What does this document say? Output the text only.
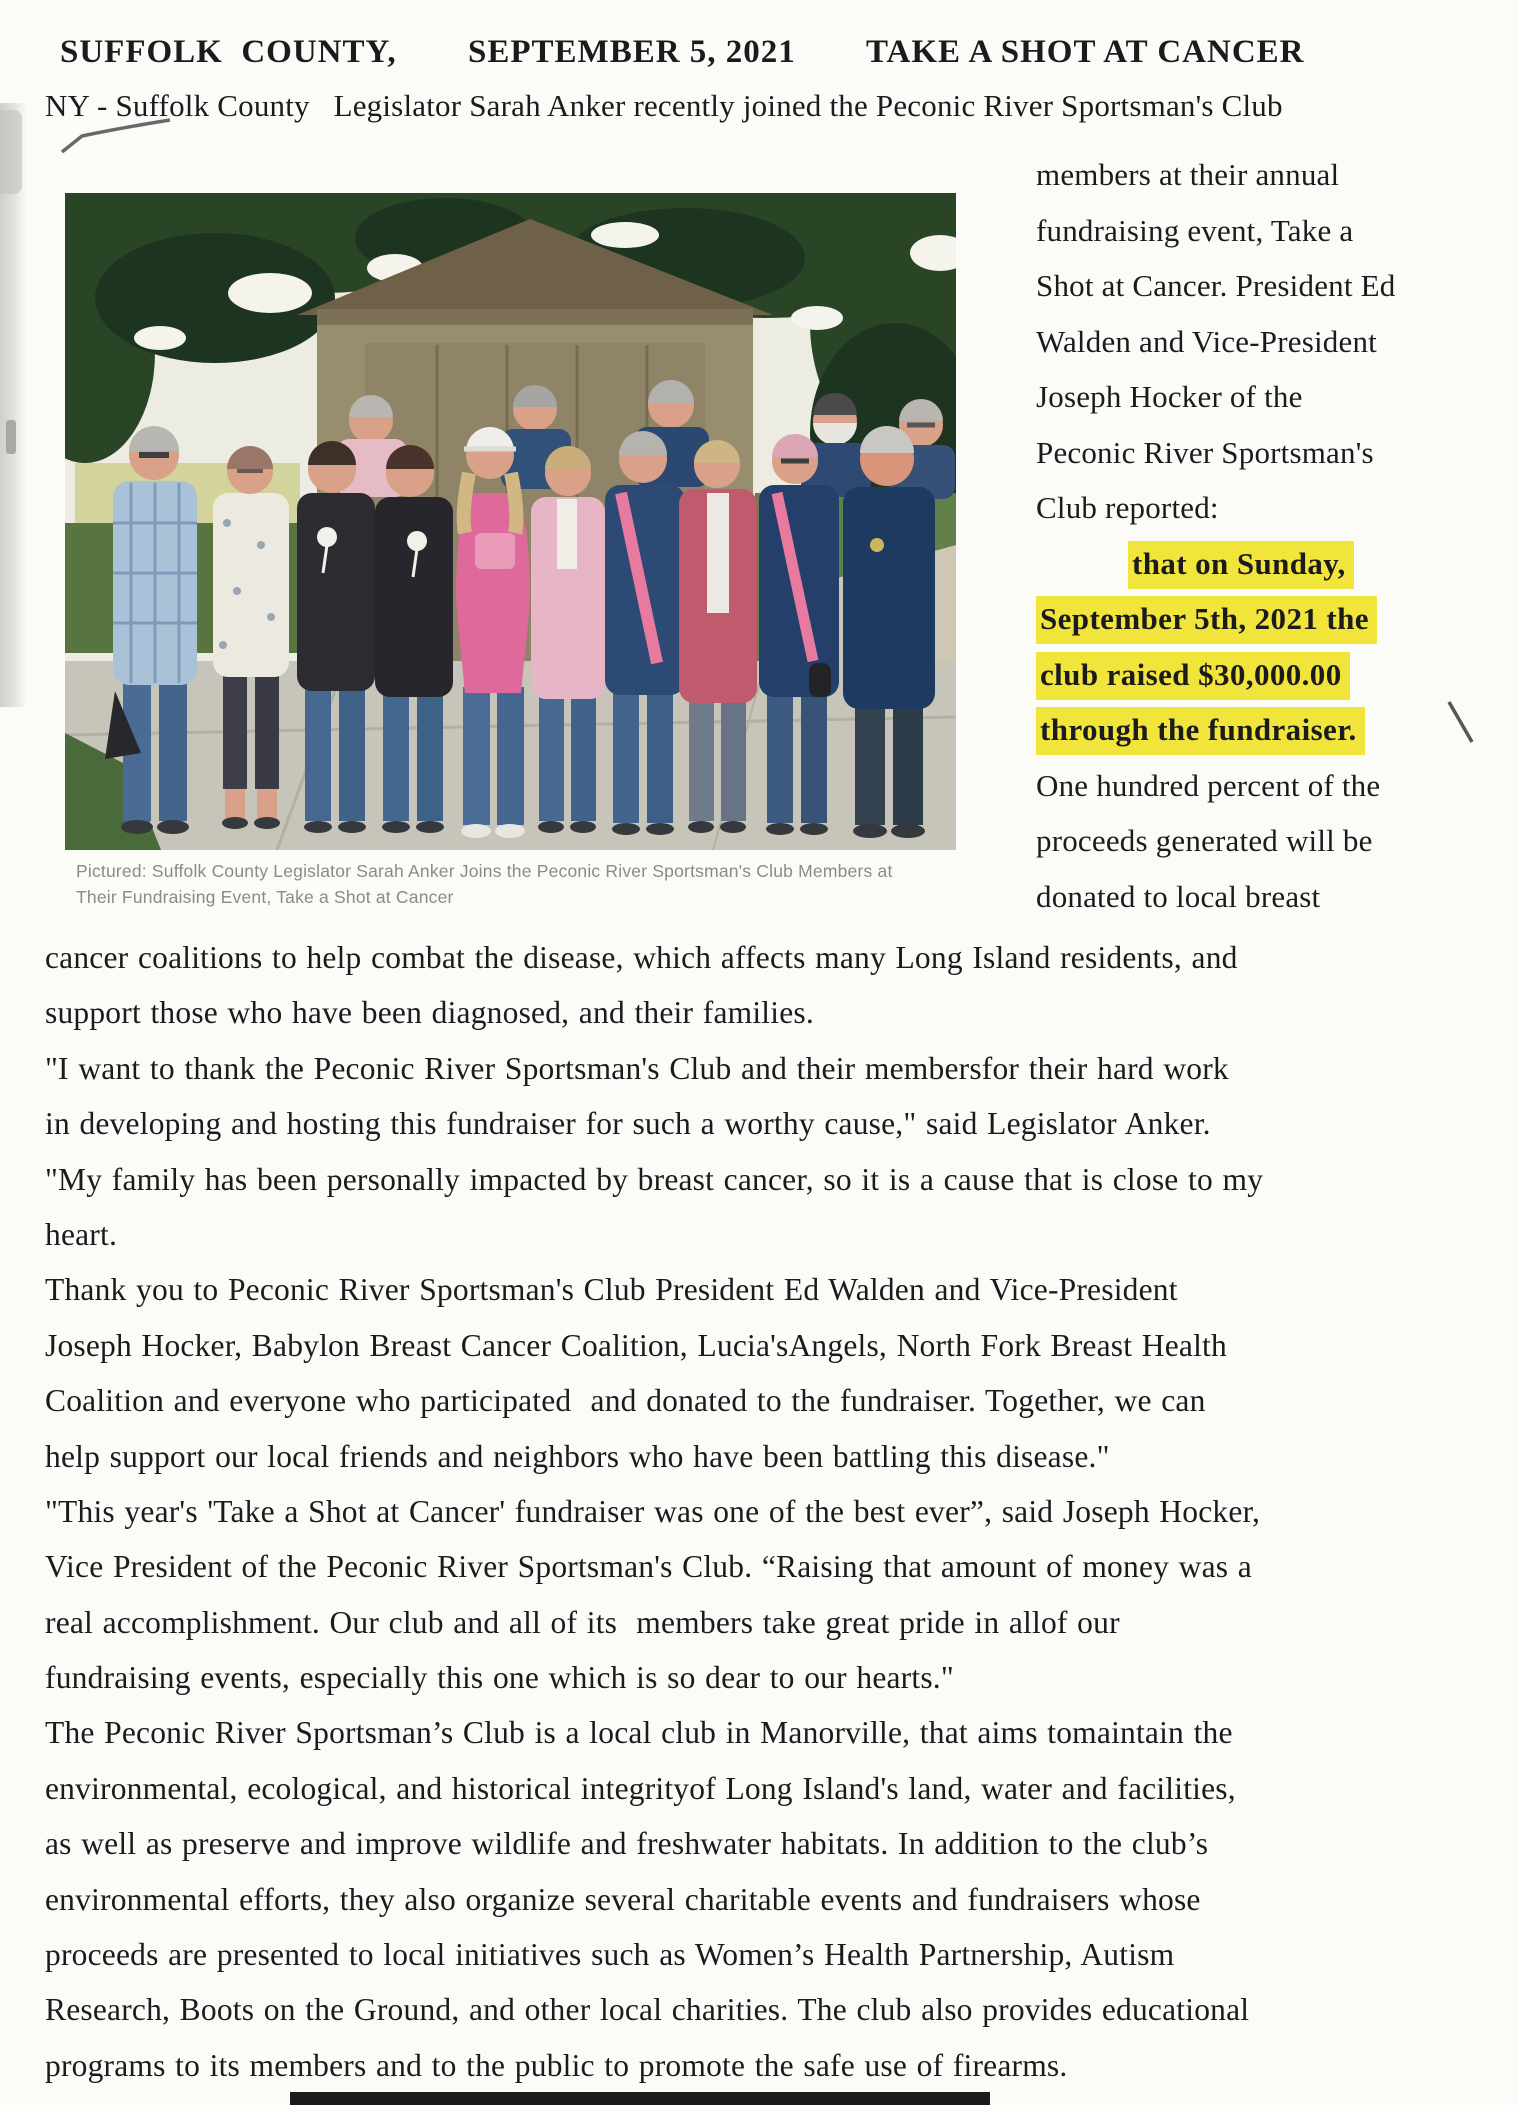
SUFFOLK  COUNTY, SEPTEMBER 5, 2021 TAKE A SHOT AT CANCER
NY - Suffolk County   Legislator Sarah Anker recently joined the Peconic River Sportsman's Club
Pictured: Suffolk County Legislator Sarah Anker Joins the Peconic River Sportsman's Club Members at
Their Fundraising Event, Take a Shot at Cancer
members at their annual
fundraising event, Take a
Shot at Cancer. President Ed
Walden and Vice-President
Joseph Hocker of the
Peconic River Sportsman's
Club reported:
that on Sunday,
September 5th, 2021 the
club raised $30,000.00
through the fundraiser.
One hundred percent of the
proceeds generated will be
donated to local breast
cancer coalitions to help combat the disease, which affects many Long Island residents, and
support those who have been diagnosed, and their families.
"I want to thank the Peconic River Sportsman's Club and their membersfor their hard work
in developing and hosting this fundraiser for such a worthy cause," said Legislator Anker.
"My family has been personally impacted by breast cancer, so it is a cause that is close to my
heart.
Thank you to Peconic River Sportsman's Club President Ed Walden and Vice-President
Joseph Hocker, Babylon Breast Cancer Coalition, Lucia'sAngels, North Fork Breast Health
Coalition and everyone who participated  and donated to the fundraiser. Together, we can
help support our local friends and neighbors who have been battling this disease."
"This year's 'Take a Shot at Cancer' fundraiser was one of the best ever”, said Joseph Hocker,
Vice President of the Peconic River Sportsman's Club. “Raising that amount of money was a
real accomplishment. Our club and all of its  members take great pride in allof our
fundraising events, especially this one which is so dear to our hearts."
The Peconic River Sportsman’s Club is a local club in Manorville, that aims tomaintain the
environmental, ecological, and historical integrityof Long Island's land, water and facilities,
as well as preserve and improve wildlife and freshwater habitats. In addition to the club’s
environmental efforts, they also organize several charitable events and fundraisers whose
proceeds are presented to local initiatives such as Women’s Health Partnership, Autism
Research, Boots on the Ground, and other local charities. The club also provides educational
programs to its members and to the public to promote the safe use of firearms.
